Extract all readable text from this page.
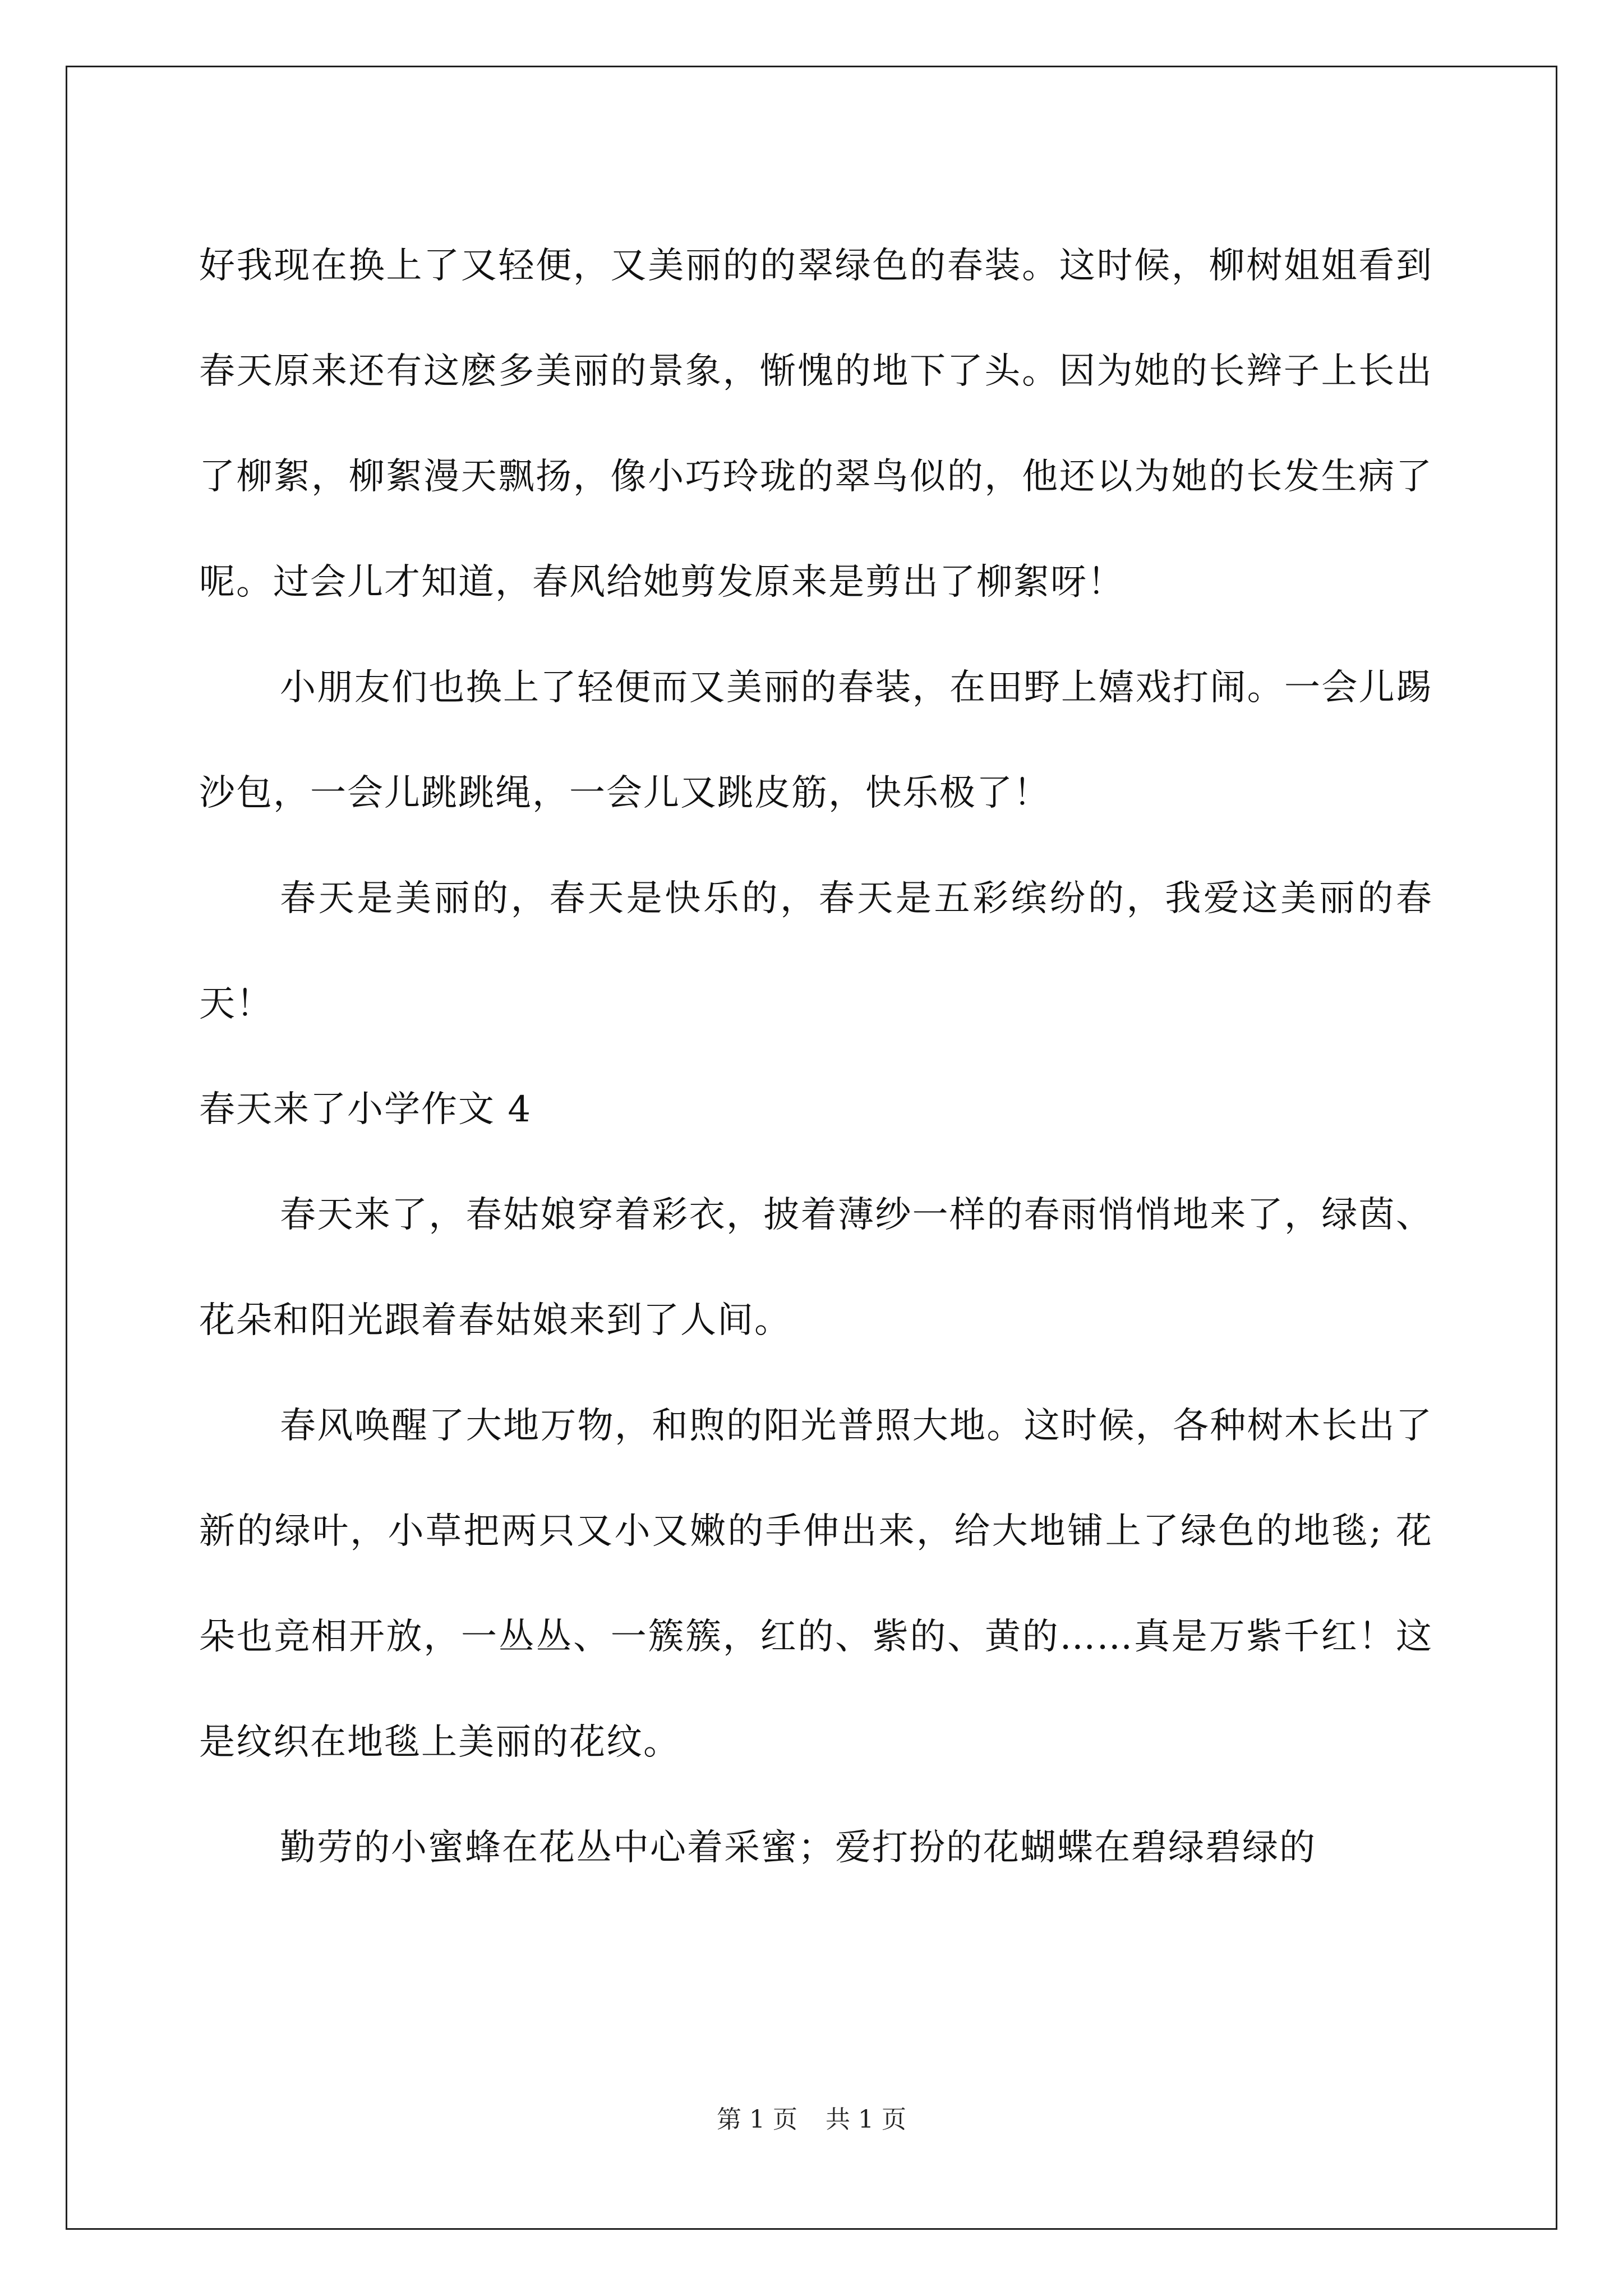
好我现在换上了又轻便，又美丽的的翠绿色的春装。这时候，柳树姐姐看到春天原来还有这麽多美丽的景象，惭愧的地下了头。因为她的长辫子上长出了柳絮，柳絮漫天飘扬，像小巧玲珑的翠鸟似的，他还以为她的长发生病了呢。过会儿才知道，春风给她剪发原来是剪出了柳絮呀！

小朋友们也换上了轻便而又美丽的春装，在田野上嬉戏打闹。一会儿踢沙包，一会儿跳跳绳，一会儿又跳皮筋，快乐极了！

春天是美丽的，春天是快乐的，春天是五彩缤纷的，我爱这美丽的春天！

春天来了小学作文 4

春天来了，春姑娘穿着彩衣，披着薄纱一样的春雨悄悄地来了，绿茵、花朵和阳光跟着春姑娘来到了人间。

春风唤醒了大地万物，和煦的阳光普照大地。这时候，各种树木长出了新的绿叶，小草把两只又小又嫩的手伸出来，给大地铺上了绿色的地毯; 花朵也竞相开放，一丛丛、一簇簇，红的、紫的、黄的……真是万紫千红！这是纹织在地毯上美丽的花纹。

勤劳的小蜜蜂在花丛中心着采蜜；爱打扮的花蝴蝶在碧绿碧绿的

第 1 页 共 1 页
